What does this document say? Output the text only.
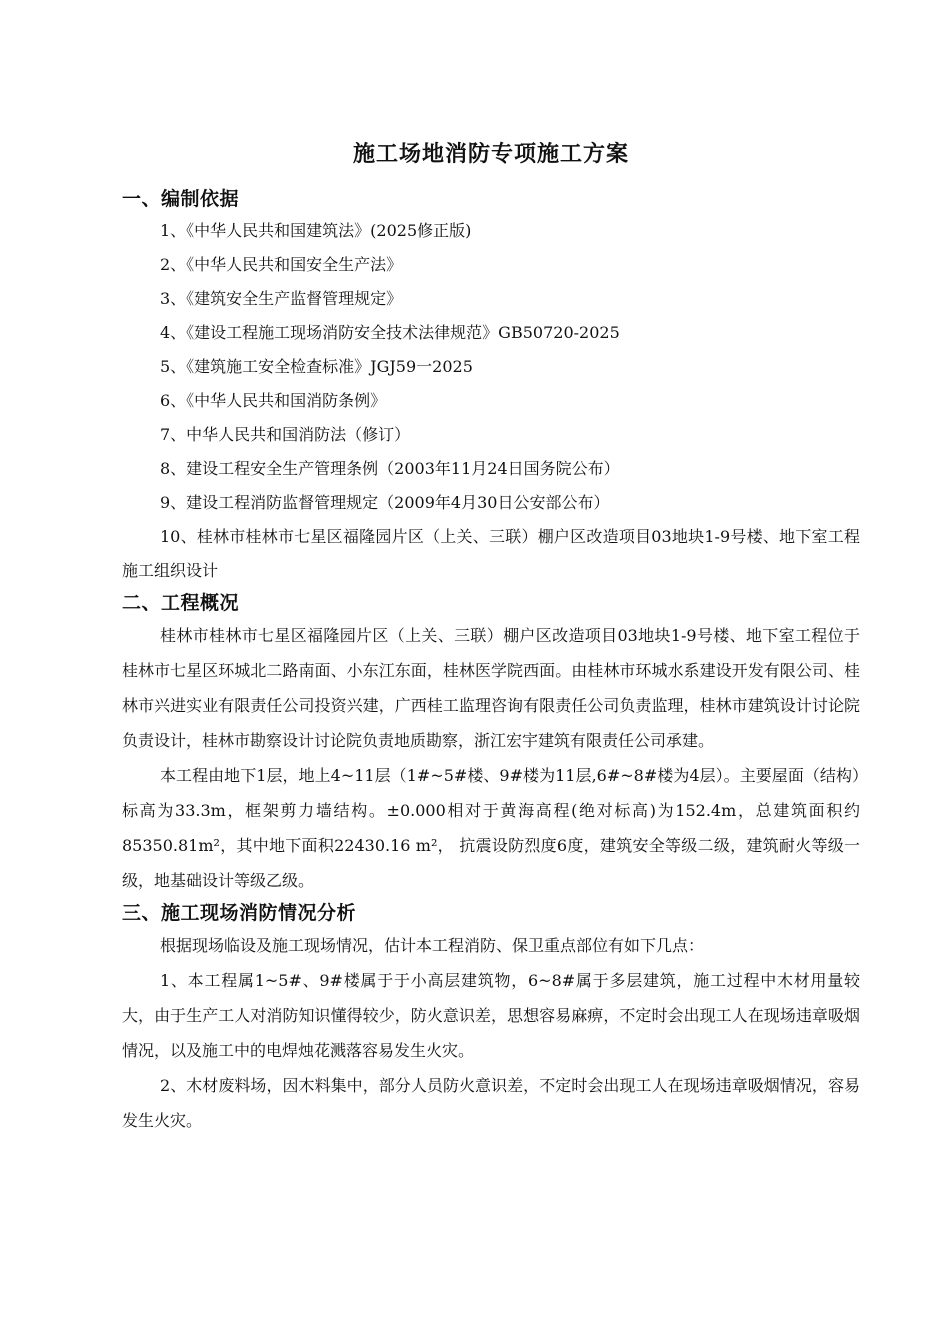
施工场地消防专项施工方案
一、编制依据
1、《中华人民共和国建筑法》(2025修正版)
2、《中华人民共和国安全生产法》
3、《建筑安全生产监督管理规定》
4、《建设工程施工现场消防安全技术法律规范》GB50720-2025
5、《建筑施工安全检查标准》JGJ59一2025
6、《中华人民共和国消防条例》
7、中华人民共和国消防法（修订）
8、建设工程安全生产管理条例（2003年11月24日国务院公布）
9、建设工程消防监督管理规定（2009年4月30日公安部公布）
10、桂林市桂林市七星区福隆园片区（上关、三联）棚户区改造项目03地块1-9号楼、地下室工程施工组织设计
二、工程概况

桂林市桂林市七星区福隆园片区（上关、三联）棚户区改造项目03地块1-9号楼、地下室工程位于桂林市七星区环城北二路南面、小东江东面，桂林医学院西面。由桂林市环城水系建设开发有限公司、桂林市兴进实业有限责任公司投资兴建，广西桂工监理咨询有限责任公司负责监理，桂林市建筑设计讨论院负责设计，桂林市勘察设计讨论院负责地质勘察，浙江宏宇建筑有限责任公司承建。

本工程由地下1层，地上4~11层（1#~5#楼、9#楼为11层,6#~8#楼为4层）。主要屋面（结构）标高为33.3m，框架剪力墙结构。±0.000相对于黄海高程(绝对标高)为152.4m，总建筑面积约85350.81m²，其中地下面积22430.16 m²， 抗震设防烈度6度，建筑安全等级二级，建筑耐火等级一级，地基础设计等级乙级。

三、施工现场消防情况分析

根据现场临设及施工现场情况，估计本工程消防、保卫重点部位有如下几点：

1、本工程属1~5#、9#楼属于于小高层建筑物，6~8#属于多层建筑，施工过程中木材用量较大，由于生产工人对消防知识懂得较少，防火意识差，思想容易麻痹，不定时会出现工人在现场违章吸烟情况，以及施工中的电焊烛花溅落容易发生火灾。

2、木材废料场，因木料集中，部分人员防火意识差，不定时会出现工人在现场违章吸烟情况，容易发生火灾。
